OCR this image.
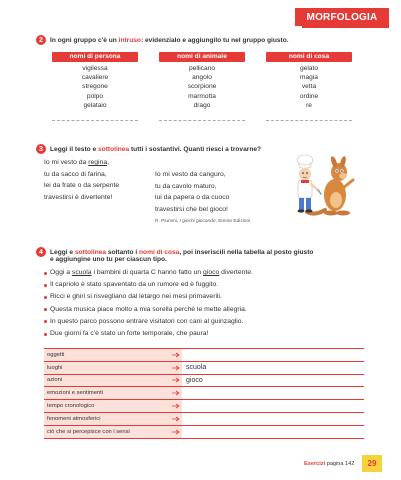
MORFOLOGIA
2 In ogni gruppo c'è un intruso: evidenzialo e aggiungilo tu nel gruppo giusto.
nomi di persona
vigilessa
cavaliere
stregone
polpo
gelataio
nomi di animale
pellicano
angolo
scorpione
marmotta
drago
nomi di cosa
gelato
magia
vetta
ordine
re
3 Leggi il testo e sottolinea tutti i sostantivi. Quanti riesci a trovarne?
Io mi vesto da regina,
tu da sacco di farina,
lei da frate o da serpente
travestirsi è divertente!
Io mi vesto da canguro,
tu da cavolo maturo,
lui da papera o da cuoco
travestirsi che bel gioco!
R. Piumini, I giochi giocando, Emme Edizioni
4 Leggi e sottolinea soltanto i nomi di cosa, poi inseriscili nella tabella al posto giusto
e aggiungine uno tu per ciascun tipo.
Oggi a scuola i bambini di quarta C hanno fatto un gioco divertente.
Il capriolo è stato spaventato da un rumore ed è fuggito.
Ricci e ghiri si risvegliano dal letargo nei mesi primaverili.
Questa musica piace molto a mia sorella perché le mette allegria.
In questo parco possono entrare visitatori con cani al guinzaglio.
Due giorni fa c'è stato un forte temporale, che paura!
oggetti
luoghi	scuola
azioni	gioco
emozioni e sentimenti
tempo cronologico
fenomeni atmosferici
ciò che si percepisce con i sensi
Esercizi pagina 142	29
